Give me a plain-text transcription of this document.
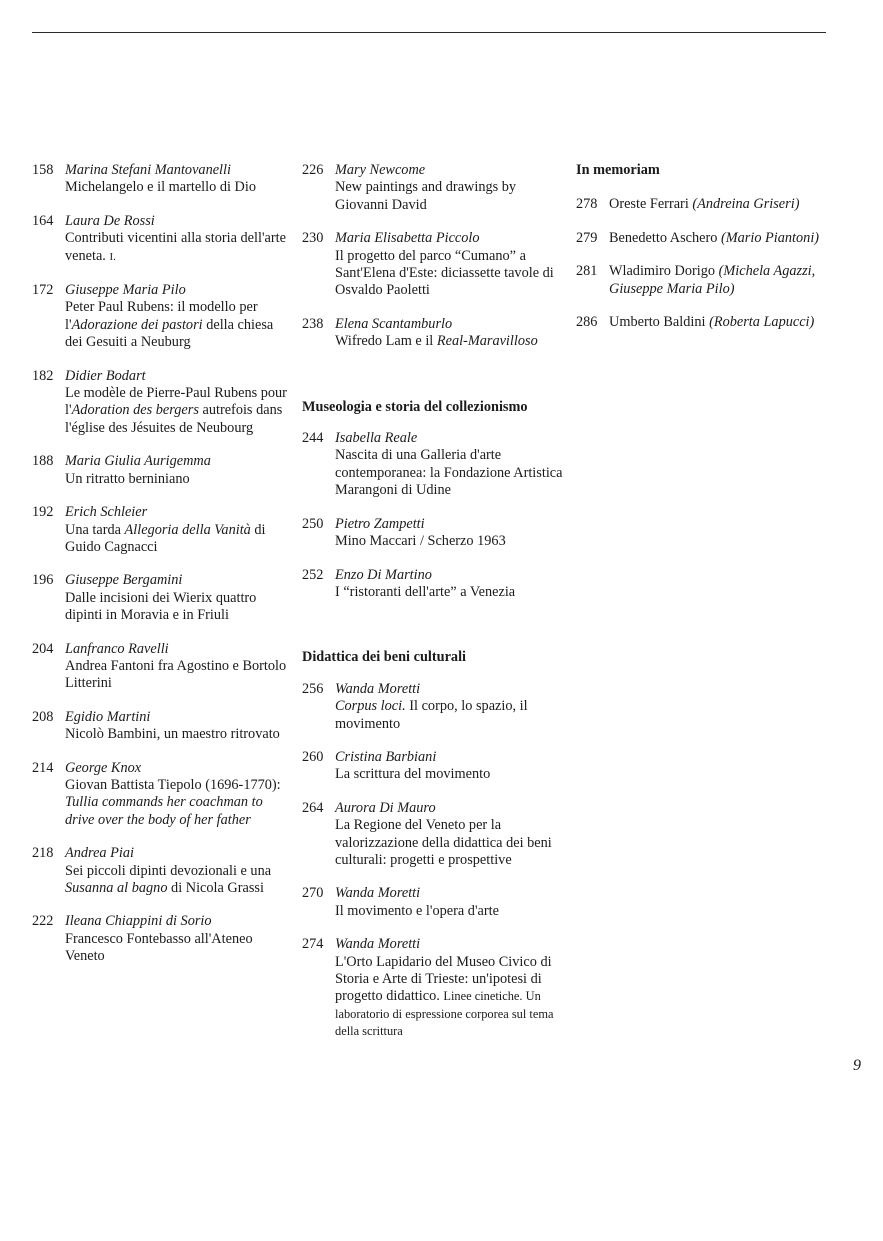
158 Marina Stefani Mantovanelli
Michelangelo e il martello di Dio
164 Laura De Rossi
Contributi vicentini alla storia dell'arte veneta. I.
172 Giuseppe Maria Pilo
Peter Paul Rubens: il modello per l'Adorazione dei pastori della chiesa dei Gesuiti a Neuburg
182 Didier Bodart
Le modèle de Pierre-Paul Rubens pour l'Adoration des bergers autrefois dans l'église des Jésuites de Neubourg
188 Maria Giulia Aurigemma
Un ritratto berniniano
192 Erich Schleier
Una tarda Allegoria della Vanità di Guido Cagnacci
196 Giuseppe Bergamini
Dalle incisioni dei Wierix quattro dipinti in Moravia e in Friuli
204 Lanfranco Ravelli
Andrea Fantoni fra Agostino e Bortolo Litterini
208 Egidio Martini
Nicolò Bambini, un maestro ritrovato
214 George Knox
Giovan Battista Tiepolo (1696-1770): Tullia commands her coachman to drive over the body of her father
218 Andrea Piai
Sei piccoli dipinti devozionali e una Susanna al bagno di Nicola Grassi
222 Ileana Chiappini di Sorio
Francesco Fontebasso all'Ateneo Veneto
226 Mary Newcome
New paintings and drawings by Giovanni David
230 Maria Elisabetta Piccolo
Il progetto del parco “Cumano” a Sant'Elena d'Este: diciassette tavole di Osvaldo Paoletti
238 Elena Scantamburlo
Wifredo Lam e il Real-Maravilloso
Museologia e storia del collezionismo
244 Isabella Reale
Nascita di una Galleria d'arte contemporanea: la Fondazione Artistica Marangoni di Udine
250 Pietro Zampetti
Mino Maccari / Scherzo 1963
252 Enzo Di Martino
I “ristoranti dell'arte” a Venezia
Didattica dei beni culturali
256 Wanda Moretti
Corpus loci. Il corpo, lo spazio, il movimento
260 Cristina Barbiani
La scrittura del movimento
264 Aurora Di Mauro
La Regione del Veneto per la valorizzazione della didattica dei beni culturali: progetti e prospettive
270 Wanda Moretti
Il movimento e l'opera d'arte
274 Wanda Moretti
L'Orto Lapidario del Museo Civico di Storia e Arte di Trieste: un'ipotesi di progetto didattico. Linee cinetiche. Un laboratorio di espressione corporea sul tema della scrittura
In memoriam
278 Oreste Ferrari (Andreina Griseri)
279 Benedetto Aschero (Mario Piantoni)
281 Wladimiro Dorigo (Michela Agazzi, Giuseppe Maria Pilo)
286 Umberto Baldini (Roberta Lapucci)
9
